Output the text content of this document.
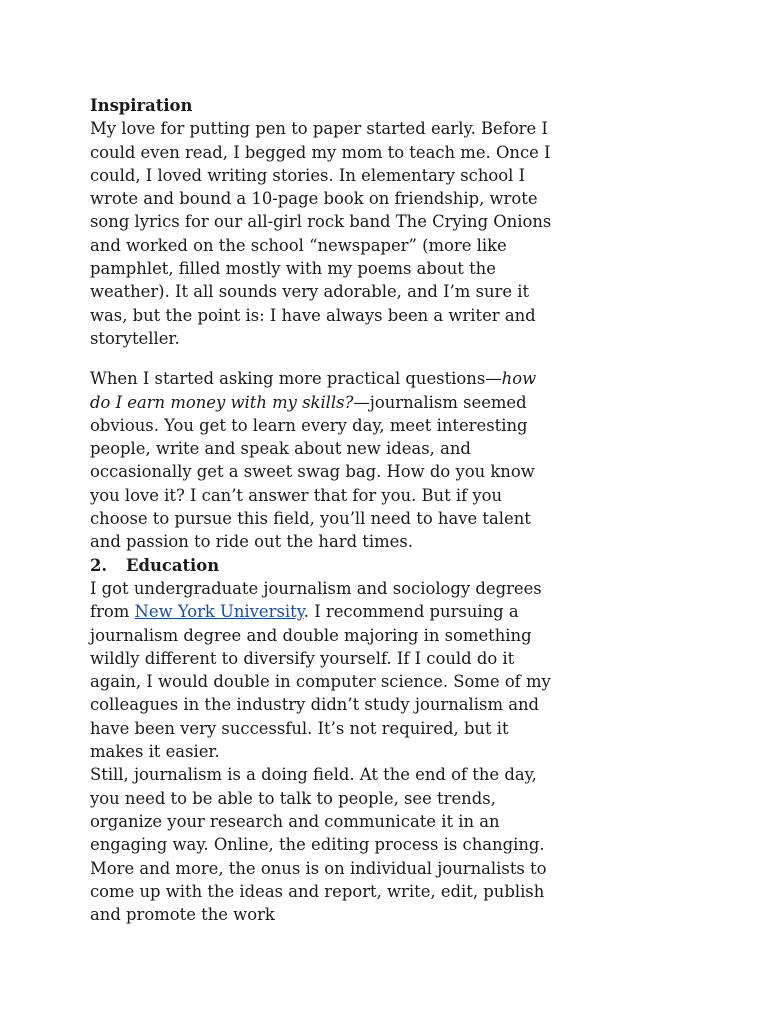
Inspiration

My love for putting pen to paper started early. Before I could even read, I begged my mom to teach me. Once I could, I loved writing stories. In elementary school I wrote and bound a 10-page book on friendship, wrote song lyrics for our all-girl rock band The Crying Onions and worked on the school “newspaper” (more like pamphlet, filled mostly with my poems about the weather). It all sounds very adorable, and I’m sure it was, but the point is: I have always been a writer and storyteller.

When I started asking more practical questions—how do I earn money with my skills?—journalism seemed obvious. You get to learn every day, meet interesting people, write and speak about new ideas, and occasionally get a sweet swag bag. How do you know you love it? I can’t answer that for you. But if you choose to pursue this field, you’ll need to have talent and passion to ride out the hard times.

2. Education

I got undergraduate journalism and sociology degrees from New York University. I recommend pursuing a journalism degree and double majoring in something wildly different to diversify yourself. If I could do it again, I would double in computer science. Some of my colleagues in the industry didn’t study journalism and have been very successful. It’s not required, but it makes it easier.

Still, journalism is a doing field. At the end of the day, you need to be able to talk to people, see trends, organize your research and communicate it in an engaging way. Online, the editing process is changing. More and more, the onus is on individual journalists to come up with the ideas and report, write, edit, publish and promote the work
